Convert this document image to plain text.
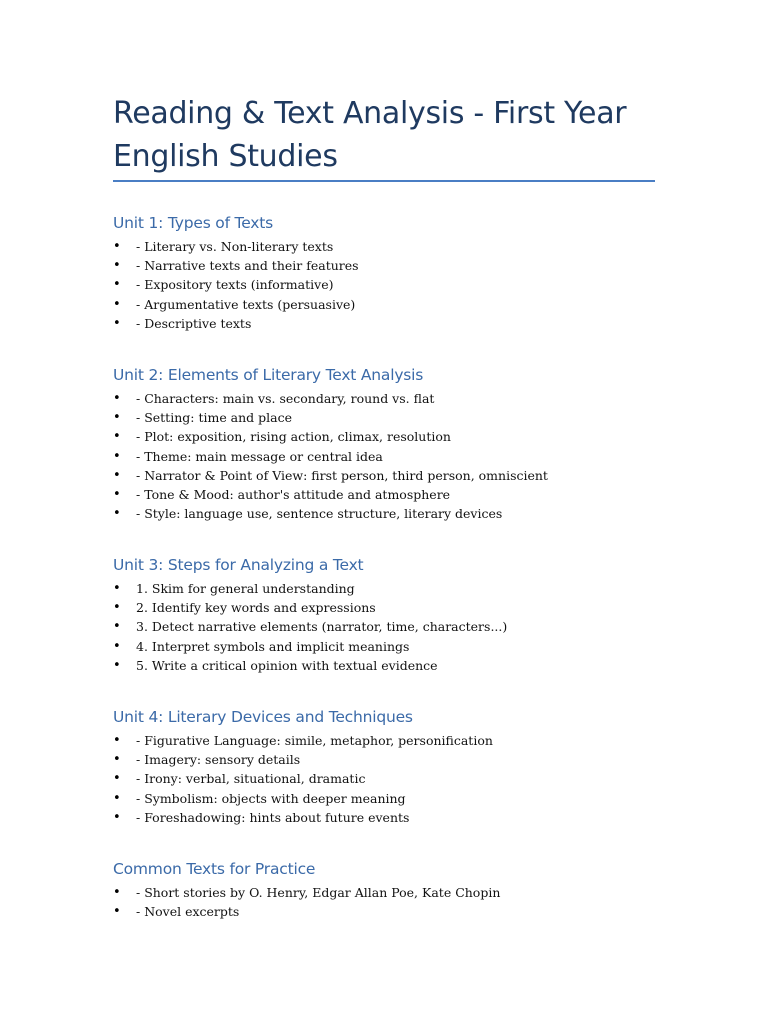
Reading & Text Analysis - First Year English Studies
Unit 1: Types of Texts
• - Literary vs. Non-literary texts
• - Narrative texts and their features
• - Expository texts (informative)
• - Argumentative texts (persuasive)
• - Descriptive texts
Unit 2: Elements of Literary Text Analysis
• - Characters: main vs. secondary, round vs. flat
• - Setting: time and place
• - Plot: exposition, rising action, climax, resolution
• - Theme: main message or central idea
• - Narrator & Point of View: first person, third person, omniscient
• - Tone & Mood: author's attitude and atmosphere
• - Style: language use, sentence structure, literary devices
Unit 3: Steps for Analyzing a Text
• 1. Skim for general understanding
• 2. Identify key words and expressions
• 3. Detect narrative elements (narrator, time, characters...)
• 4. Interpret symbols and implicit meanings
• 5. Write a critical opinion with textual evidence
Unit 4: Literary Devices and Techniques
• - Figurative Language: simile, metaphor, personification
• - Imagery: sensory details
• - Irony: verbal, situational, dramatic
• - Symbolism: objects with deeper meaning
• - Foreshadowing: hints about future events
Common Texts for Practice
• - Short stories by O. Henry, Edgar Allan Poe, Kate Chopin
• - Novel excerpts
